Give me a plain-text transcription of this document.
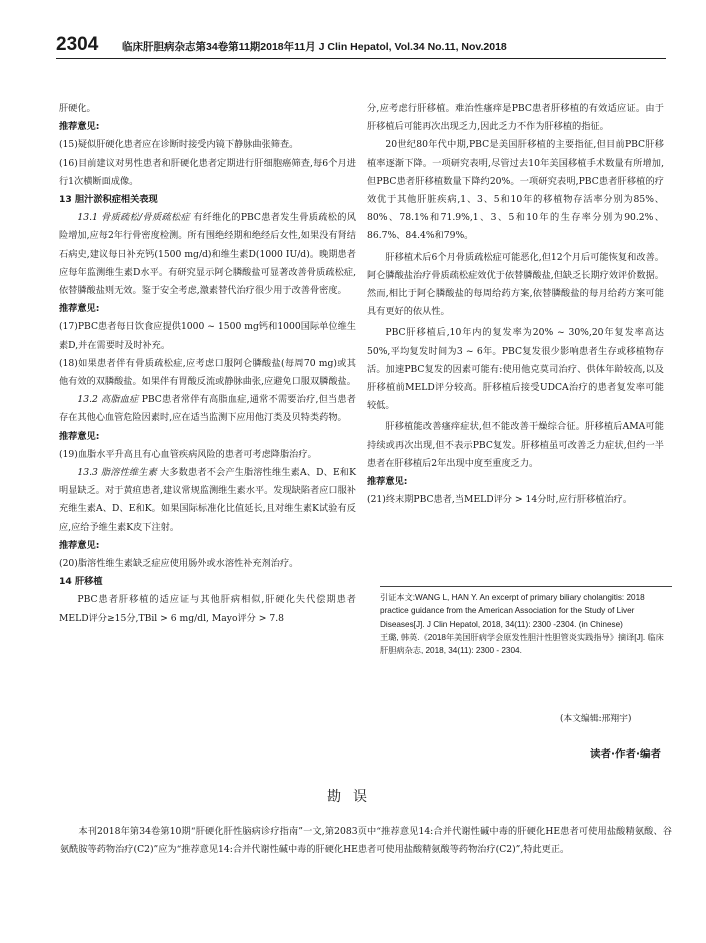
2304 临床肝胆病杂志第34卷第11期2018年11月 J Clin Hepatol, Vol.34 No.11, Nov.2018

肝硬化。

推荐意见:

(15)疑似肝硬化患者应在诊断时接受内镜下静脉曲张筛查。

(16)目前建议对男性患者和肝硬化患者定期进行肝细胞癌筛查,每6个月进行1次横断面成像。

13 胆汁淤积症相关表现

13.1 骨质疏松/骨质疏松症 有纤维化的PBC患者发生骨质疏松的风险增加,应每2年行骨密度检测。所有围绝经期和绝经后女性,如果没有肾结石病史,建议每日补充钙(1500 mg/d)和维生素D(1000 IU/d)。晚期患者应每年监测维生素D水平。有研究显示阿仑膦酸盐可显著改善骨质疏松症,依替膦酸盐则无效。鉴于安全考虑,激素替代治疗很少用于改善骨密度。

推荐意见:

(17)PBC患者每日饮食应提供1000 ~ 1500 mg钙和1000国际单位维生素D,并在需要时及时补充。

(18)如果患者伴有骨质疏松症,应考虑口服阿仑膦酸盐(每周70 mg)或其他有效的双膦酸盐。如果伴有胃酸反流或静脉曲张,应避免口服双膦酸盐。

13.2 高脂血症 PBC患者常伴有高脂血症,通常不需要治疗,但当患者存在其他心血管危险因素时,应在适当监测下应用他汀类及贝特类药物。

推荐意见:

(19)血脂水平升高且有心血管疾病风险的患者可考虑降脂治疗。

13.3 脂溶性维生素 大多数患者不会产生脂溶性维生素A、D、E和K明显缺乏。对于黄疸患者,建议常规监测维生素水平。发现缺陷者应口服补充维生素A、D、E和K。如果国际标准化比值延长,且对维生素K试验有反应,应给予维生素K皮下注射。

推荐意见:

(20)脂溶性维生素缺乏症应使用肠外或水溶性补充剂治疗。

14 肝移植

PBC患者肝移植的适应证与其他肝病相似,肝硬化失代偿期患者MELD评分≥15分,TBil > 6 mg/dl, Mayo评分 > 7.8

分,应考虑行肝移植。难治性瘙痒是PBC患者肝移植的有效适应证。由于肝移植后可能再次出现乏力,因此乏力不作为肝移植的指征。

20世纪80年代中期,PBC是美国肝移植的主要指征,但目前PBC肝移植率逐渐下降。一项研究表明,尽管过去10年美国移植手术数量有所增加,但PBC患者肝移植数量下降约20%。一项研究表明,PBC患者肝移植的疗效优于其他肝脏疾病,1、3、5和10年的移植物存活率分别为85%、80%、78.1%和71.9%,1、3、5和10年的生存率分别为90.2%、86.7%、84.4%和79%。

肝移植术后6个月骨质疏松症可能恶化,但12个月后可能恢复和改善。阿仑膦酸盐治疗骨质疏松症效优于依替膦酸盐,但缺乏长期疗效评价数据。然而,相比于阿仑膦酸盐的每周给药方案,依替膦酸盐的每月给药方案可能具有更好的依从性。

PBC肝移植后,10年内的复发率为20% ~ 30%,20年复发率高达50%,平均复发时间为3 ~ 6年。PBC复发很少影响患者生存或移植物存活。加速PBC复发的因素可能有:使用他克莫司治疗、供体年龄较高,以及肝移植前MELD评分较高。肝移植后接受UDCA治疗的患者复发率可能较低。

肝移植能改善瘙痒症状,但不能改善干燥综合征。肝移植后AMA可能持续或再次出现,但不表示PBC复发。肝移植虽可改善乏力症状,但约一半患者在肝移植后2年出现中度至重度乏力。

推荐意见:

(21)终末期PBC患者,当MELD评分 > 14分时,应行肝移植治疗。

引证本文:WANG L, HAN Y. An excerpt of primary biliary cholangitis: 2018 practice guidance from the American Association for the Study of Liver Diseases[J]. J Clin Hepatol, 2018, 34(11): 2300 -2304. (in Chinese)

王璐, 韩英.《2018年美国肝病学会原发性胆汁性胆管炎实践指导》摘译[J]. 临床肝胆病杂志, 2018, 34(11): 2300 - 2304.

(本文编辑:邢翔宇)
读者·作者·编者
勘误

本刊2018年第34卷第10期“肝硬化肝性脑病诊疗指南”一文,第2083页中“推荐意见14:合并代谢性碱中毒的肝硬化HE患者可使用盐酸精氨酸、谷氨酰胺等药物治疗(C2)”应为“推荐意见14:合并代谢性碱中毒的肝硬化HE患者可使用盐酸精氨酸等药物治疗(C2)”,特此更正。
